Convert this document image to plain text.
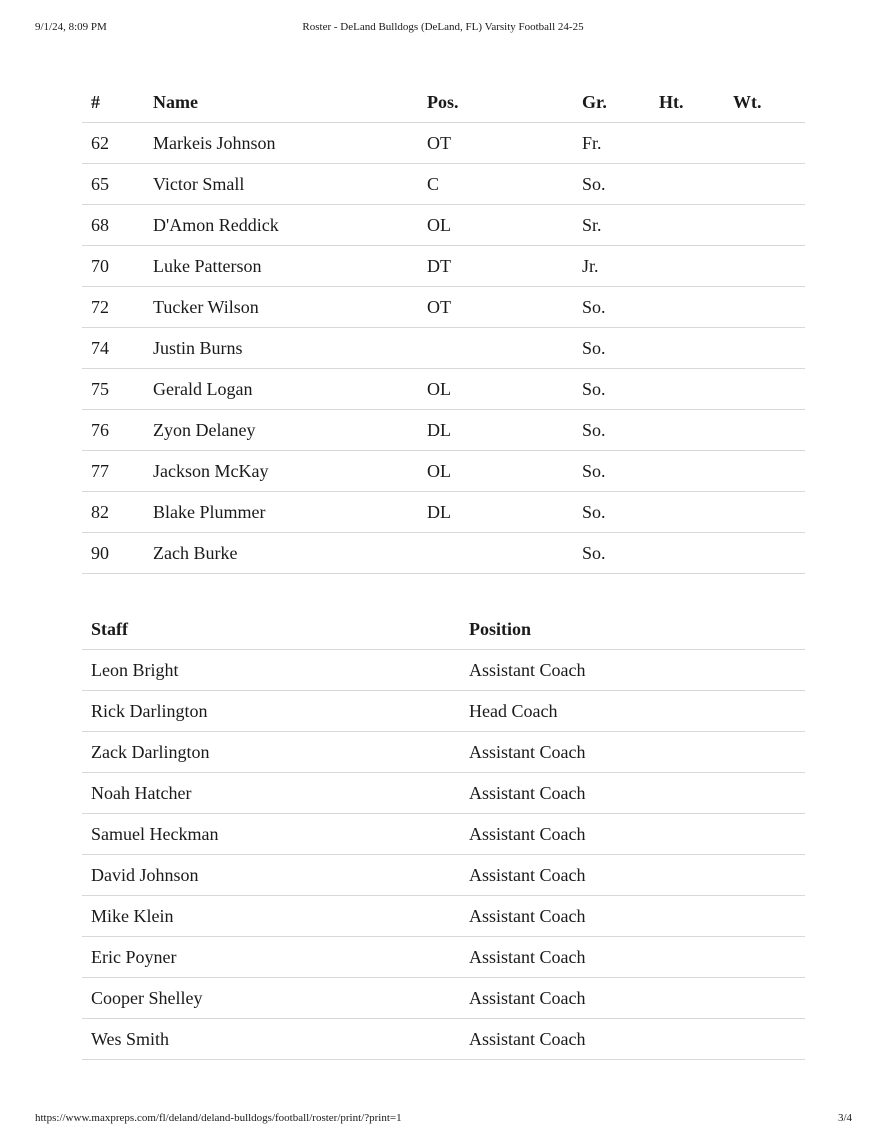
9/1/24, 8:09 PM	Roster - DeLand Bulldogs (DeLand, FL) Varsity Football 24-25
#	Name	Pos.	Gr.	Ht.	Wt.
62	Markeis Johnson	OT	Fr.		
65	Victor Small	C	So.		
68	D'Amon Reddick	OL	Sr.		
70	Luke Patterson	DT	Jr.		
72	Tucker Wilson	OT	So.		
74	Justin Burns		So.		
75	Gerald Logan	OL	So.		
76	Zyon Delaney	DL	So.		
77	Jackson McKay	OL	So.		
82	Blake Plummer	DL	So.		
90	Zach Burke		So.		
Staff	Position
Leon Bright	Assistant Coach
Rick Darlington	Head Coach
Zack Darlington	Assistant Coach
Noah Hatcher	Assistant Coach
Samuel Heckman	Assistant Coach
David Johnson	Assistant Coach
Mike Klein	Assistant Coach
Eric Poyner	Assistant Coach
Cooper Shelley	Assistant Coach
Wes Smith	Assistant Coach
https://www.maxpreps.com/fl/deland/deland-bulldogs/football/roster/print/?print=1	3/4
